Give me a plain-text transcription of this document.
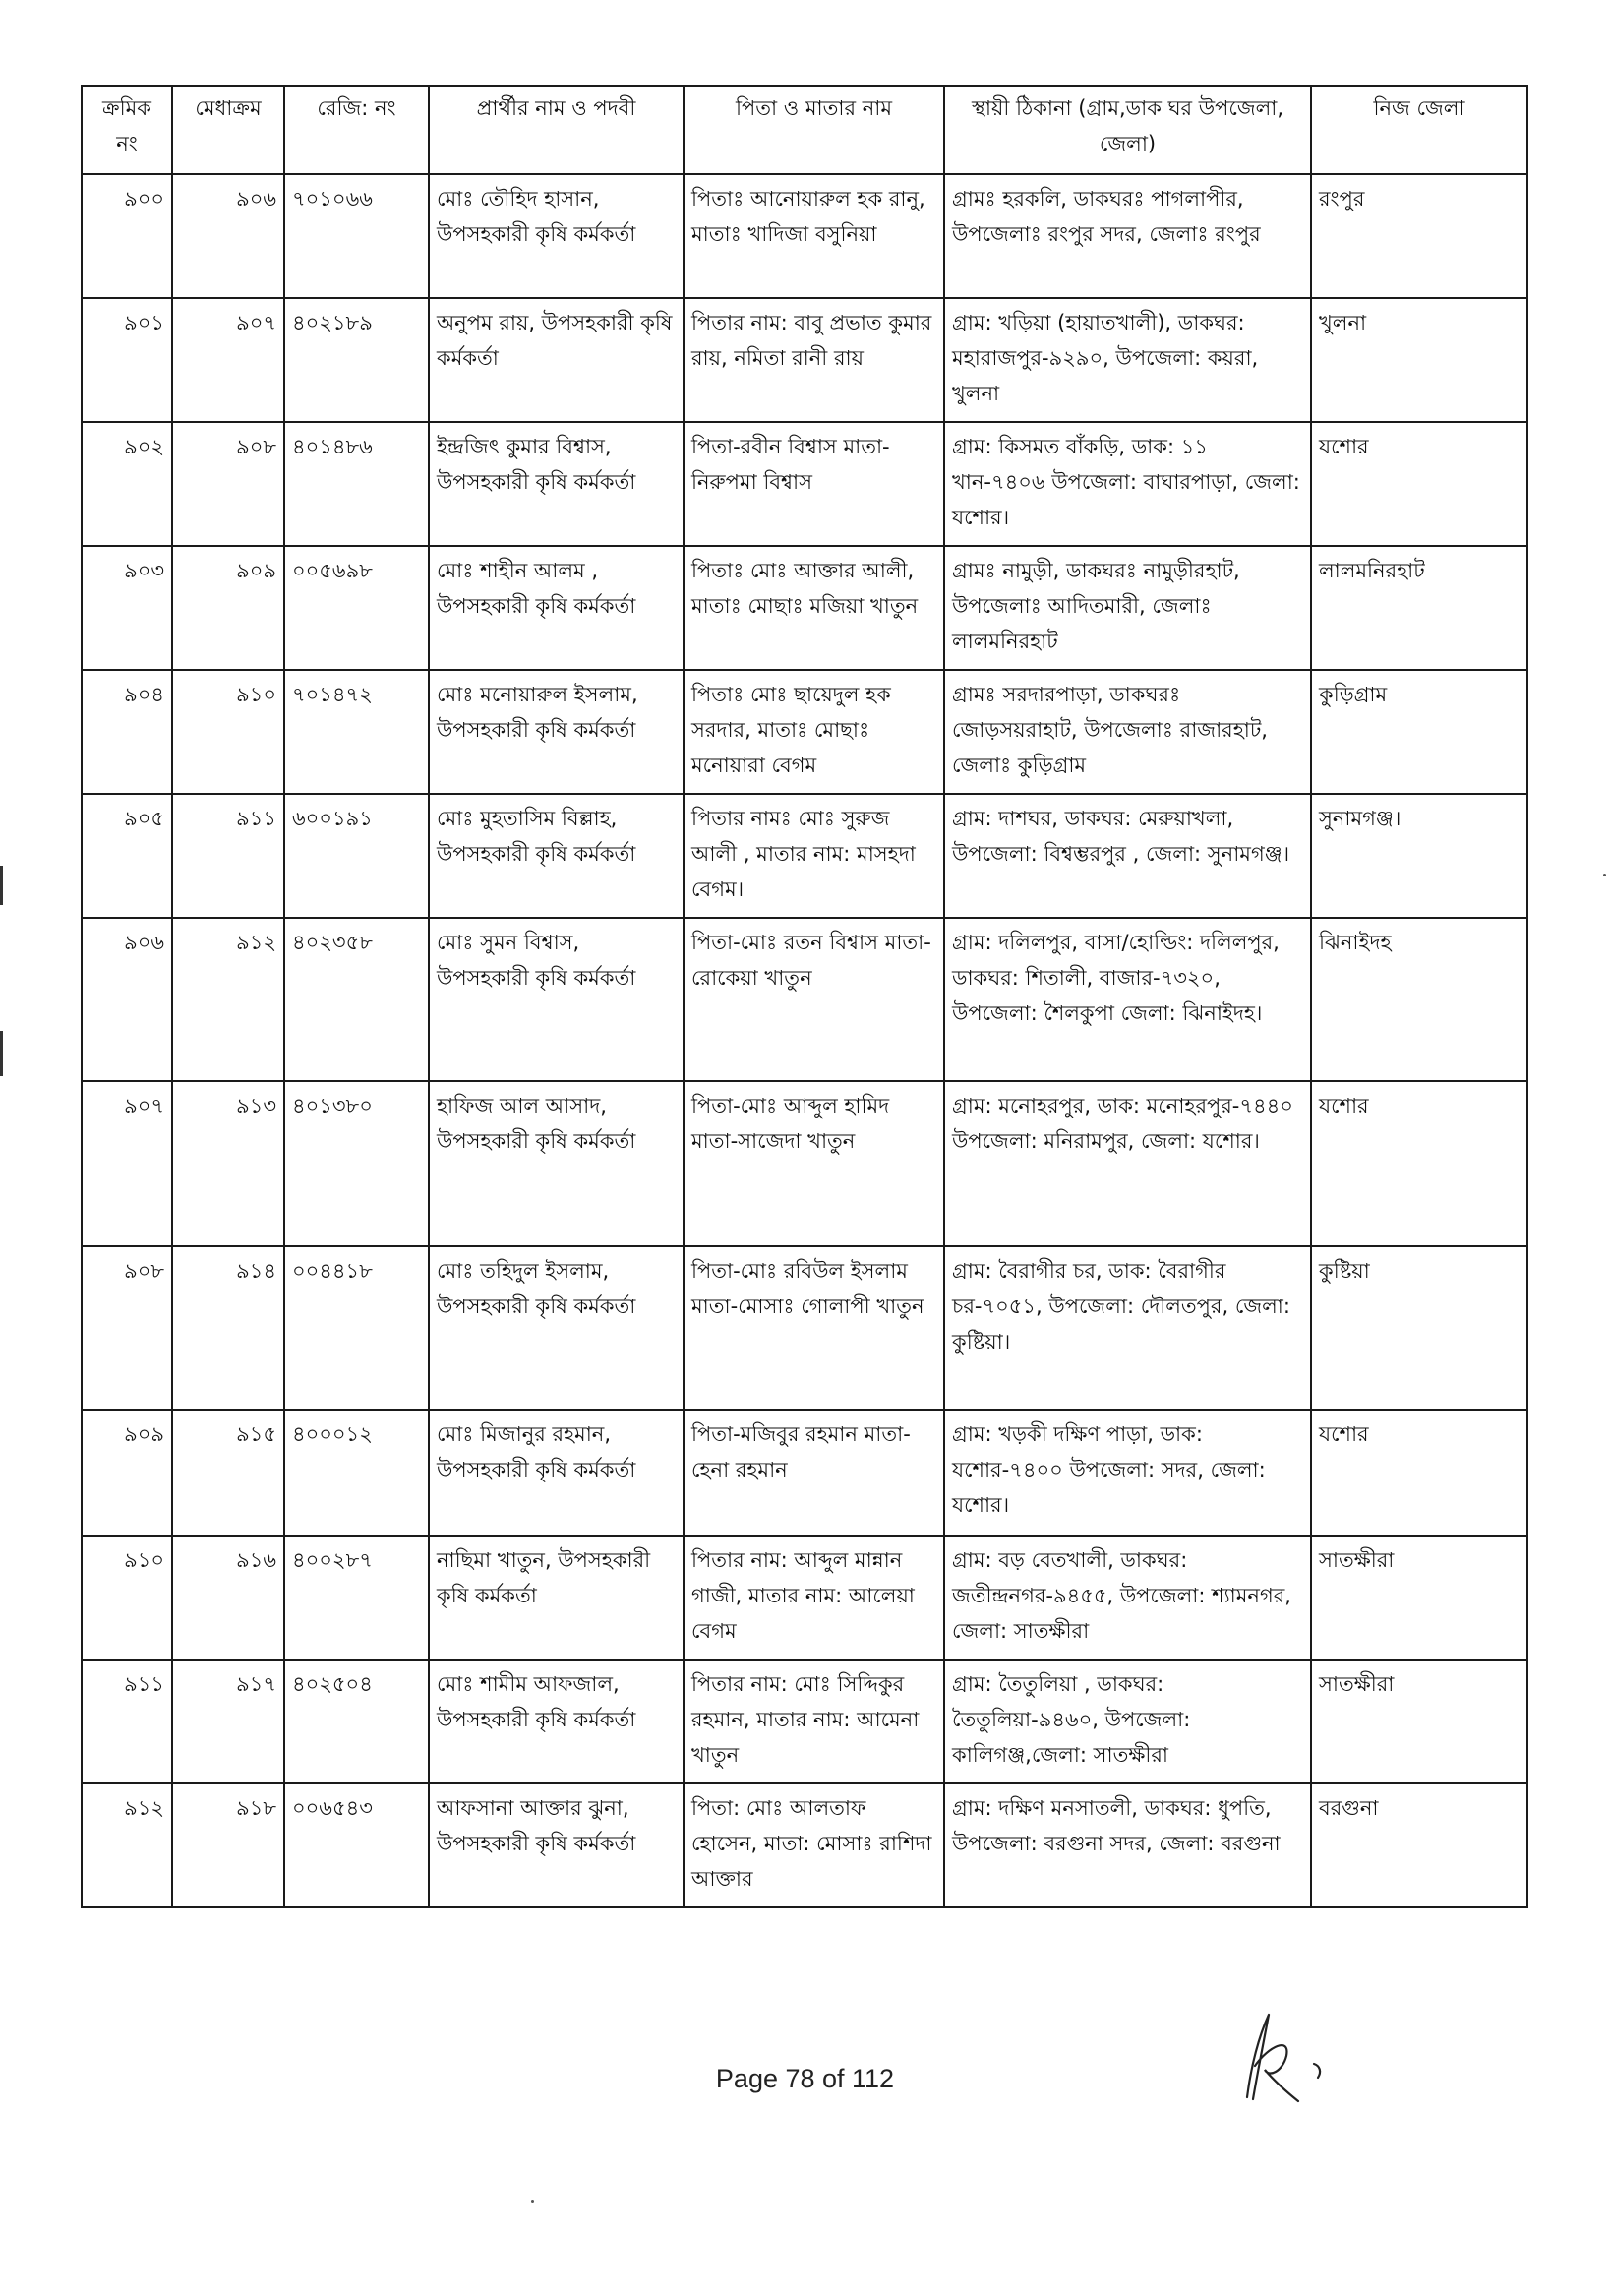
ক্রমিক নং	মেধাক্রম	রেজি: নং	প্রার্থীর নাম ও পদবী	পিতা ও মাতার নাম	স্থায়ী ঠিকানা (গ্রাম,ডাক ঘর উপজেলা, জেলা)	নিজ জেলা
৯০০	৯০৬	৭০১০৬৬	মোঃ তৌহিদ হাসান, উপসহকারী কৃষি কর্মকর্তা	পিতাঃ আনোয়ারুল হক রানু, মাতাঃ খাদিজা বসুনিয়া	গ্রামঃ হরকলি, ডাকঘরঃ পাগলাপীর, উপজেলাঃ রংপুর সদর, জেলাঃ রংপুর	রংপুর
৯০১	৯০৭	৪০২১৮৯	অনুপম রায়, উপসহকারী কৃষি কর্মকর্তা	পিতার নাম: বাবু প্রভাত কুমার রায়, নমিতা রানী রায়	গ্রাম: খড়িয়া (হায়াতখালী), ডাকঘর: মহারাজপুর-৯২৯০, উপজেলা: কয়রা, খুলনা	খুলনা
৯০২	৯০৮	৪০১৪৮৬	ইন্দ্রজিৎ কুমার বিশ্বাস, উপসহকারী কৃষি কর্মকর্তা	পিতা-রবীন বিশ্বাস মাতা-নিরুপমা বিশ্বাস	গ্রাম: কিসমত বাঁকড়ি, ডাক: ১১ খান-৭৪০৬ উপজেলা: বাঘারপাড়া, জেলা: যশোর।	যশোর
৯০৩	৯০৯	০০৫৬৯৮	মোঃ শাহীন আলম , উপসহকারী কৃষি কর্মকর্তা	পিতাঃ মোঃ আক্তার আলী, মাতাঃ মোছাঃ মজিয়া খাতুন	গ্রামঃ নামুড়ী, ডাকঘরঃ নামুড়ীরহাট, উপজেলাঃ আদিতমারী, জেলাঃ লালমনিরহাট	লালমনিরহাট
৯০৪	৯১০	৭০১৪৭২	মোঃ মনোয়ারুল ইসলাম, উপসহকারী কৃষি কর্মকর্তা	পিতাঃ মোঃ ছায়েদুল হক সরদার, মাতাঃ মোছাঃ মনোয়ারা বেগম	গ্রামঃ সরদারপাড়া, ডাকঘরঃ জোড়সয়রাহাট, উপজেলাঃ রাজারহাট, জেলাঃ কুড়িগ্রাম	কুড়িগ্রাম
৯০৫	৯১১	৬০০১৯১	মোঃ মুহতাসিম বিল্লাহ, উপসহকারী কৃষি কর্মকর্তা	পিতার নামঃ মোঃ সুরুজ আলী , মাতার নাম: মাসহদা বেগম।	গ্রাম: দাশঘর, ডাকঘর: মেরুয়াখলা, উপজেলা: বিশ্বম্ভরপুর , জেলা: সুনামগঞ্জ।	সুনামগঞ্জ।
৯০৬	৯১২	৪০২৩৫৮	মোঃ সুমন বিশ্বাস, উপসহকারী কৃষি কর্মকর্তা	পিতা-মোঃ রতন বিশ্বাস মাতা- রোকেয়া খাতুন	গ্রাম: দলিলপুর, বাসা/হোল্ডিং: দলিলপুর, ডাকঘর: শিতালী, বাজার-৭৩২০, উপজেলা: শৈলকুপা জেলা: ঝিনাইদহ।	ঝিনাইদহ
৯০৭	৯১৩	৪০১৩৮০	হাফিজ আল আসাদ, উপসহকারী কৃষি কর্মকর্তা	পিতা-মোঃ আব্দুল হামিদ মাতা-সাজেদা খাতুন	গ্রাম: মনোহরপুর, ডাক: মনোহরপুর-৭৪৪০ উপজেলা: মনিরামপুর, জেলা: যশোর।	যশোর
৯০৮	৯১৪	০০৪৪১৮	মোঃ তহিদুল ইসলাম, উপসহকারী কৃষি কর্মকর্তা	পিতা-মোঃ রবিউল ইসলাম মাতা-মোসাঃ গোলাপী খাতুন	গ্রাম: বৈরাগীর চর, ডাক: বৈরাগীর চর-৭০৫১, উপজেলা: দৌলতপুর, জেলা: কুষ্টিয়া।	কুষ্টিয়া
৯০৯	৯১৫	৪০০০১২	মোঃ মিজানুর রহমান, উপসহকারী কৃষি কর্মকর্তা	পিতা-মজিবুর রহমান মাতা-হেনা রহমান	গ্রাম: খড়কী দক্ষিণ পাড়া, ডাক: যশোর-৭৪০০ উপজেলা: সদর, জেলা: যশোর।	যশোর
৯১০	৯১৬	৪০০২৮৭	নাছিমা খাতুন, উপসহকারী কৃষি কর্মকর্তা	পিতার নাম: আব্দুল মান্নান গাজী, মাতার নাম: আলেয়া বেগম	গ্রাম: বড় বেতখালী, ডাকঘর: জতীন্দ্রনগর-৯৪৫৫, উপজেলা: শ্যামনগর, জেলা: সাতক্ষীরা	সাতক্ষীরা
৯১১	৯১৭	৪০২৫০৪	মোঃ শামীম আফজাল, উপসহকারী কৃষি কর্মকর্তা	পিতার নাম: মোঃ সিদ্দিকুর রহমান, মাতার নাম: আমেনা খাতুন	গ্রাম: তৈতুলিয়া , ডাকঘর: তৈতুলিয়া-৯৪৬০, উপজেলা: কালিগঞ্জ,জেলা: সাতক্ষীরা	সাতক্ষীরা
৯১২	৯১৮	০০৬৫৪৩	আফসানা আক্তার ঝুনা, উপসহকারী কৃষি কর্মকর্তা	পিতা: মোঃ আলতাফ হোসেন, মাতা: মোসাঃ রাশিদা আক্তার	গ্রাম: দক্ষিণ মনসাতলী, ডাকঘর: ধুপতি, উপজেলা: বরগুনা সদর, জেলা: বরগুনা	বরগুনা
Page 78 of 112
